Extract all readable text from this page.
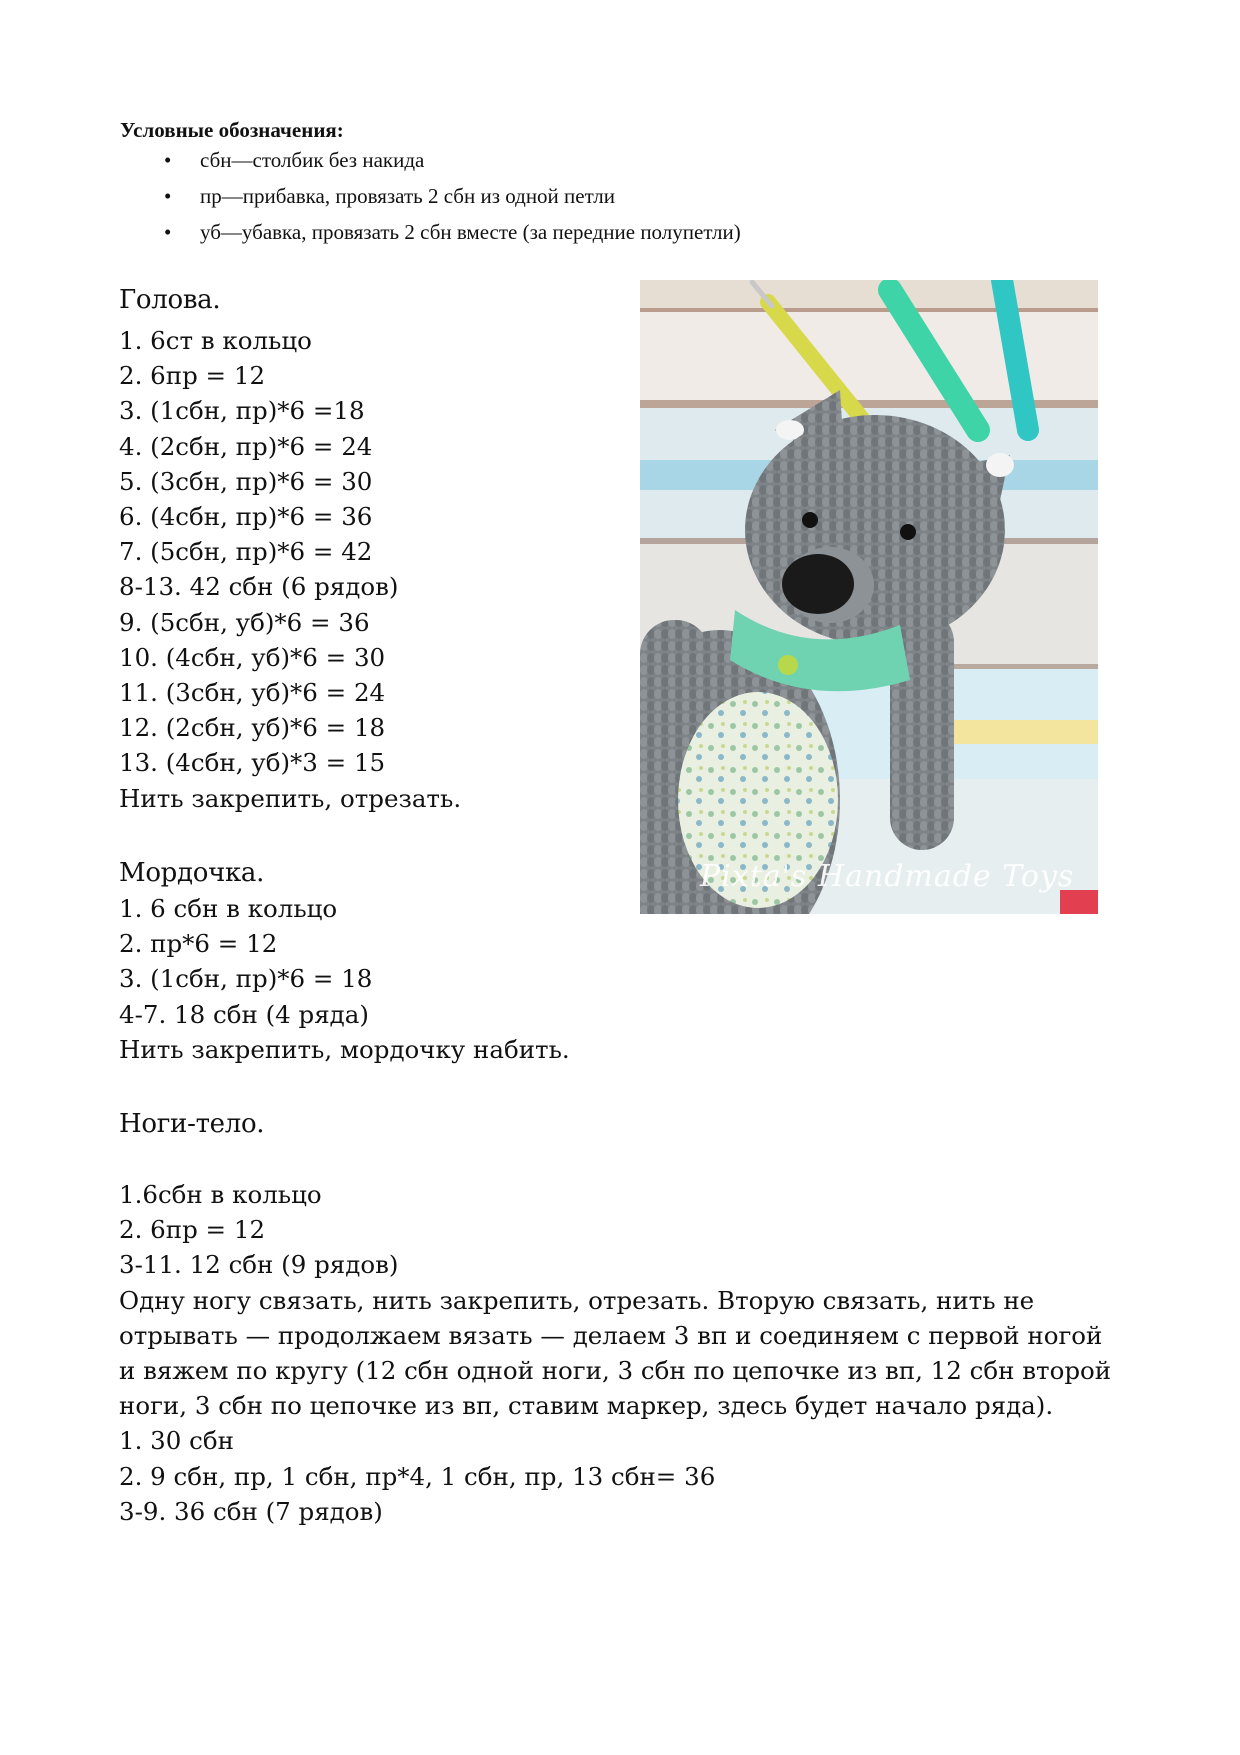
Условные обозначения:
• сбн—столбик без накида
• пр—прибавка, провязать 2 сбн из одной петли
• уб—убавка, провязать 2 сбн вместе (за передние полупетли)
Голова.
1. 6ст в кольцо
2. 6пр = 12
3. (1сбн, пр)*6 =18
4. (2сбн, пр)*6 = 24
5. (3сбн, пр)*6 = 30
6. (4сбн, пр)*6 = 36
7. (5сбн, пр)*6 = 42
8-13. 42 сбн (6 рядов)
9. (5сбн, уб)*6 = 36
10. (4сбн, уб)*6 = 30
11. (3сбн, уб)*6 = 24
12. (2сбн, уб)*6 = 18
13. (4сбн, уб)*3 = 15
Нить закрепить, отрезать.
Мордочка.
1. 6 сбн в кольцо
2. пр*6 = 12
3. (1сбн, пр)*6 = 18
4-7. 18 сбн (4 ряда)
Нить закрепить, мордочку набить.
Ноги-тело.
1.6сбн в кольцо
2. 6пр = 12
3-11. 12 сбн (9 рядов)
Одну ногу связать, нить закрепить, отрезать. Вторую связать, нить не отрывать — продолжаем вязать — делаем 3 вп и соединяем с первой ногой и вяжем по кругу (12 сбн одной ноги, 3 сбн по цепочке из вп, 12 сбн второй ноги, 3 сбн по цепочке из вп, ставим маркер, здесь будет начало ряда).
1. 30 сбн
2. 9 сбн, пр, 1 сбн, пр*4, 1 сбн, пр, 13 сбн= 36
3-9. 36 сбн (7 рядов)
Pixta's Handmade Toys
